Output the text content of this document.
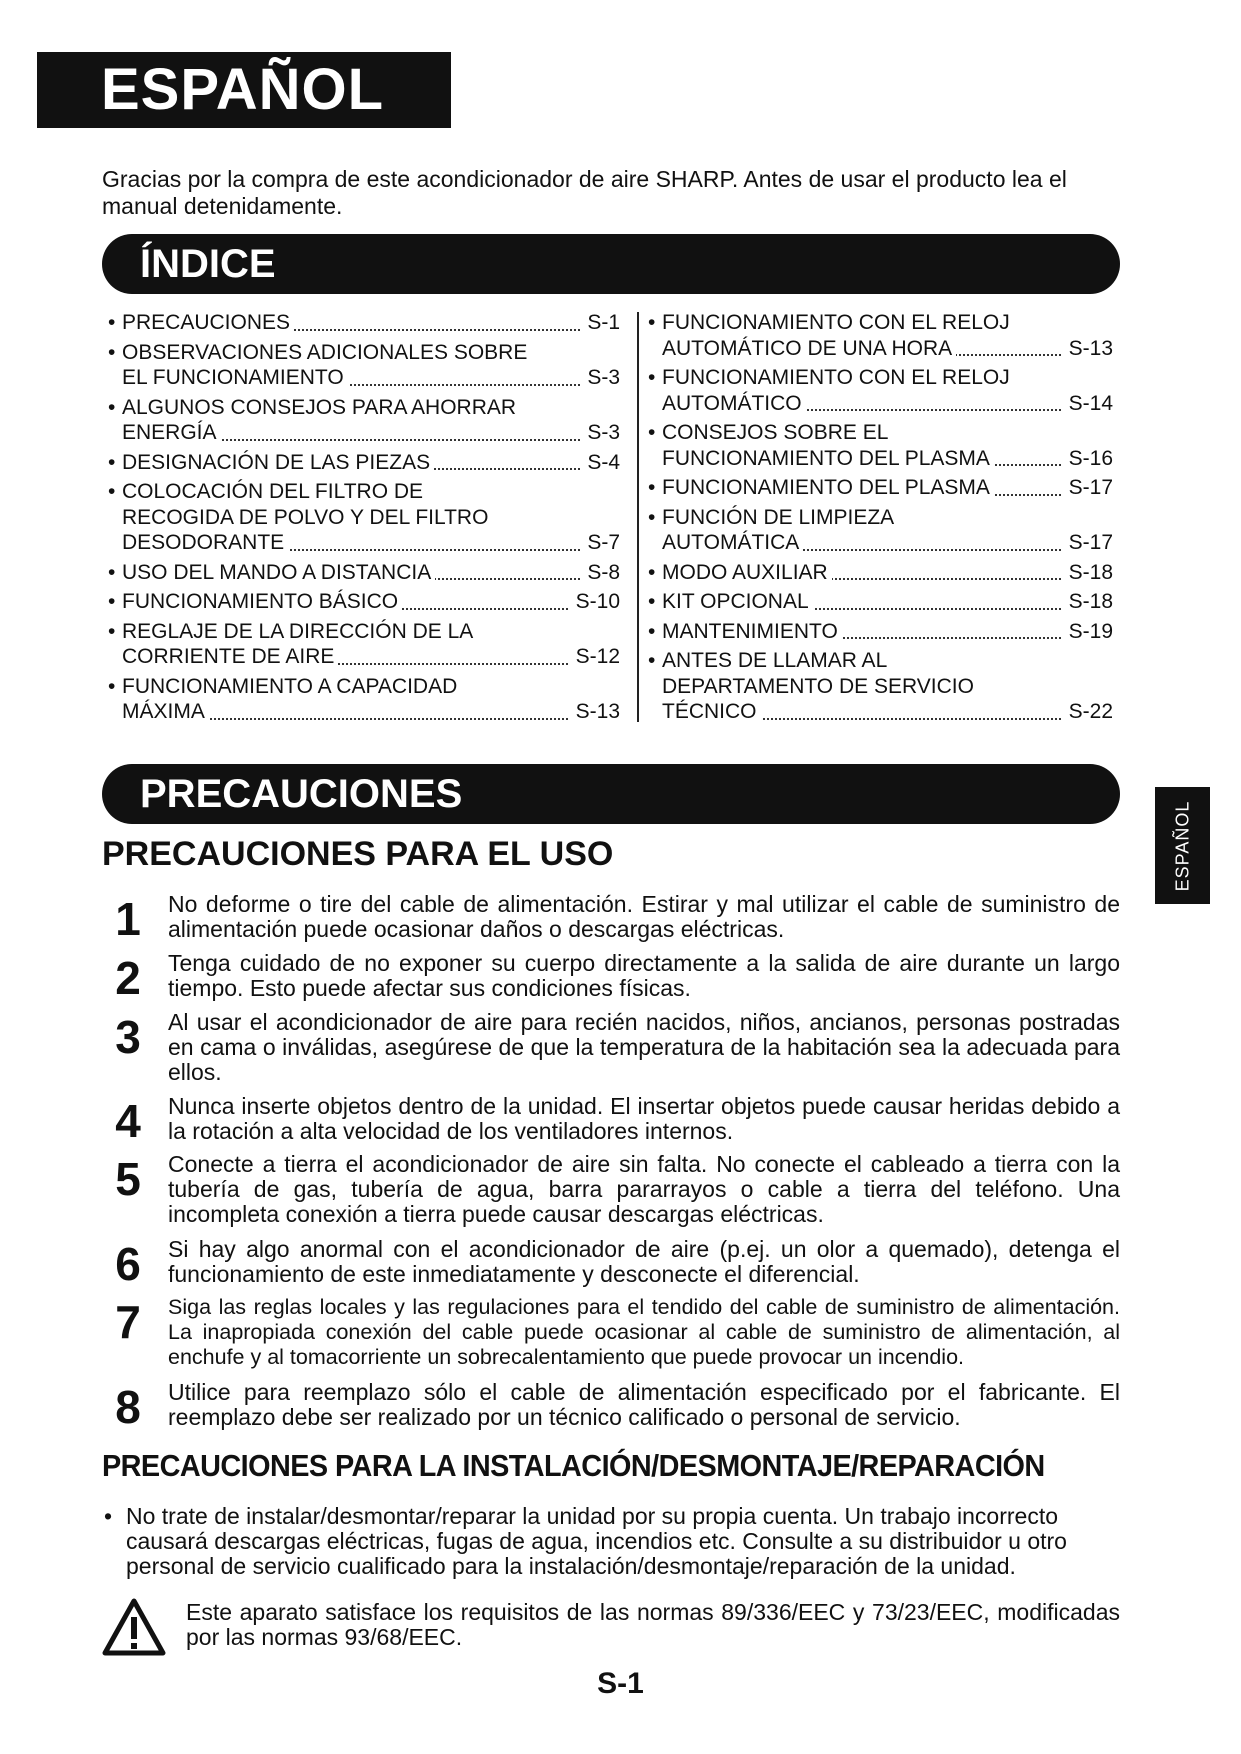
ESPAÑOL
Gracias por la compra de este acondicionador de aire SHARP. Antes de usar el producto lea el manual detenidamente.
ÍNDICE
• PRECAUCIONES	S-1
• OBSERVACIONES ADICIONALES SOBRE
EL FUNCIONAMIENTO	S-3
• ALGUNOS CONSEJOS PARA AHORRAR
ENERGÍA	S-3
• DESIGNACIÓN DE LAS PIEZAS	S-4
• COLOCACIÓN DEL FILTRO DE
RECOGIDA DE POLVO Y DEL FILTRO
DESODORANTE	S-7
• USO DEL MANDO A DISTANCIA	S-8
• FUNCIONAMIENTO BÁSICO	S-10
• REGLAJE DE LA DIRECCIÓN DE LA
CORRIENTE DE AIRE	S-12
• FUNCIONAMIENTO A CAPACIDAD
MÁXIMA	S-13
• FUNCIONAMIENTO CON EL RELOJ
AUTOMÁTICO DE UNA HORA	S-13
• FUNCIONAMIENTO CON EL RELOJ
AUTOMÁTICO	S-14
• CONSEJOS SOBRE EL
FUNCIONAMIENTO DEL PLASMA	S-16
• FUNCIONAMIENTO DEL PLASMA	S-17
• FUNCIÓN DE LIMPIEZA
AUTOMÁTICA	S-17
• MODO AUXILIAR	S-18
• KIT OPCIONAL	S-18
• MANTENIMIENTO	S-19
• ANTES DE LLAMAR AL
DEPARTAMENTO DE SERVICIO
TÉCNICO	S-22
PRECAUCIONES
PRECAUCIONES PARA EL USO
1 No deforme o tire del cable de alimentación. Estirar y mal utilizar el cable de suministro de alimentación puede ocasionar daños o descargas eléctricas.
2 Tenga cuidado de no exponer su cuerpo directamente a la salida de aire durante un largo tiempo. Esto puede afectar sus condiciones físicas.
3 Al usar el acondicionador de aire para recién nacidos, niños, ancianos, personas postradas en cama o inválidas, asegúrese de que la temperatura de la habitación sea la adecuada para ellos.
4 Nunca inserte objetos dentro de la unidad. El insertar objetos puede causar heridas debido a la rotación a alta velocidad de los ventiladores internos.
5 Conecte a tierra el acondicionador de aire sin falta. No conecte el cableado a tierra con la tubería de gas, tubería de agua, barra pararrayos o cable a tierra del teléfono. Una incompleta conexión a tierra puede causar descargas eléctricas.
6 Si hay algo anormal con el acondicionador de aire (p.ej. un olor a quemado), detenga el funcionamiento de este inmediatamente y desconecte el diferencial.
7 Siga las reglas locales y las regulaciones para el tendido del cable de suministro de alimentación. La inapropiada conexión del cable puede ocasionar al cable de suministro de alimentación, al enchufe y al tomacorriente un sobrecalentamiento que puede provocar un incendio.
8 Utilice para reemplazo sólo el cable de alimentación especificado por el fabricante. El reemplazo debe ser realizado por un técnico calificado o personal de servicio.
PRECAUCIONES PARA LA INSTALACIÓN/DESMONTAJE/REPARACIÓN
• No trate de instalar/desmontar/reparar la unidad por su propia cuenta. Un trabajo incorrecto causará descargas eléctricas, fugas de agua, incendios etc. Consulte a su distribuidor u otro personal de servicio cualificado para la instalación/desmontaje/reparación de la unidad.
Este aparato satisface los requisitos de las normas 89/336/EEC y 73/23/EEC, modificadas por las normas 93/68/EEC.
S-1
ESPAÑOL
